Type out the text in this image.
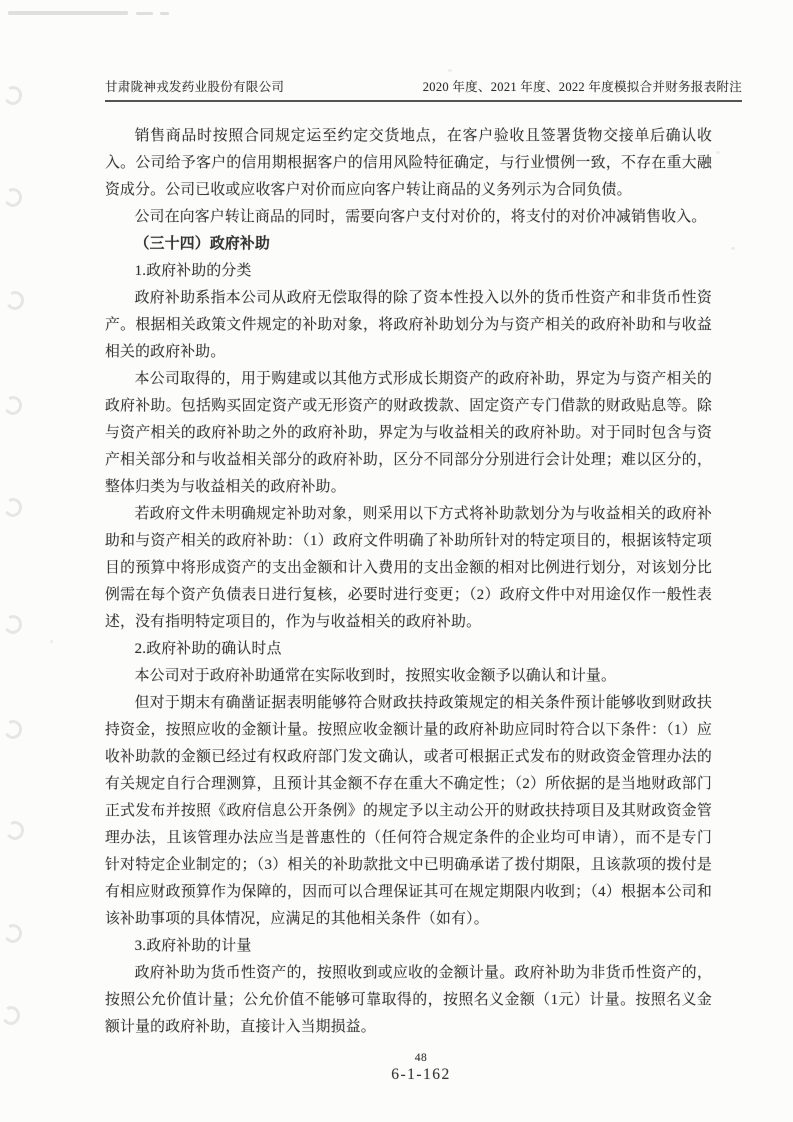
甘肃陇神戎发药业股份有限公司	2020 年度、2021 年度、2022 年度模拟合并财务报表附注

销售商品时按照合同规定运至约定交货地点，在客户验收且签署货物交接单后确认收入。公司给予客户的信用期根据客户的信用风险特征确定，与行业惯例一致，不存在重大融资成分。公司已收或应收客户对价而应向客户转让商品的义务列示为合同负债。

公司在向客户转让商品的同时，需要向客户支付对价的，将支付的对价冲减销售收入。

（三十四）政府补助

1.政府补助的分类

政府补助系指本公司从政府无偿取得的除了资本性投入以外的货币性资产和非货币性资产。根据相关政策文件规定的补助对象，将政府补助划分为与资产相关的政府补助和与收益相关的政府补助。

本公司取得的，用于购建或以其他方式形成长期资产的政府补助，界定为与资产相关的政府补助。包括购买固定资产或无形资产的财政拨款、固定资产专门借款的财政贴息等。除与资产相关的政府补助之外的政府补助，界定为与收益相关的政府补助。对于同时包含与资产相关部分和与收益相关部分的政府补助，区分不同部分分别进行会计处理；难以区分的，整体归类为与收益相关的政府补助。

若政府文件未明确规定补助对象，则采用以下方式将补助款划分为与收益相关的政府补助和与资产相关的政府补助：（1）政府文件明确了补助所针对的特定项目的，根据该特定项目的预算中将形成资产的支出金额和计入费用的支出金额的相对比例进行划分，对该划分比例需在每个资产负债表日进行复核，必要时进行变更；（2）政府文件中对用途仅作一般性表述，没有指明特定项目的，作为与收益相关的政府补助。

2.政府补助的确认时点

本公司对于政府补助通常在实际收到时，按照实收金额予以确认和计量。

但对于期末有确凿证据表明能够符合财政扶持政策规定的相关条件预计能够收到财政扶持资金，按照应收的金额计量。按照应收金额计量的政府补助应同时符合以下条件：（1）应收补助款的金额已经过有权政府部门发文确认，或者可根据正式发布的财政资金管理办法的有关规定自行合理测算，且预计其金额不存在重大不确定性；（2）所依据的是当地财政部门正式发布并按照《政府信息公开条例》的规定予以主动公开的财政扶持项目及其财政资金管理办法，且该管理办法应当是普惠性的（任何符合规定条件的企业均可申请），而不是专门针对特定企业制定的；（3）相关的补助款批文中已明确承诺了拨付期限，且该款项的拨付是有相应财政预算作为保障的，因而可以合理保证其可在规定期限内收到；（4）根据本公司和该补助事项的具体情况，应满足的其他相关条件（如有）。

3.政府补助的计量

政府补助为货币性资产的，按照收到或应收的金额计量。政府补助为非货币性资产的，按照公允价值计量；公允价值不能够可靠取得的，按照名义金额（1元）计量。按照名义金额计量的政府补助，直接计入当期损益。

48
6-1-162
